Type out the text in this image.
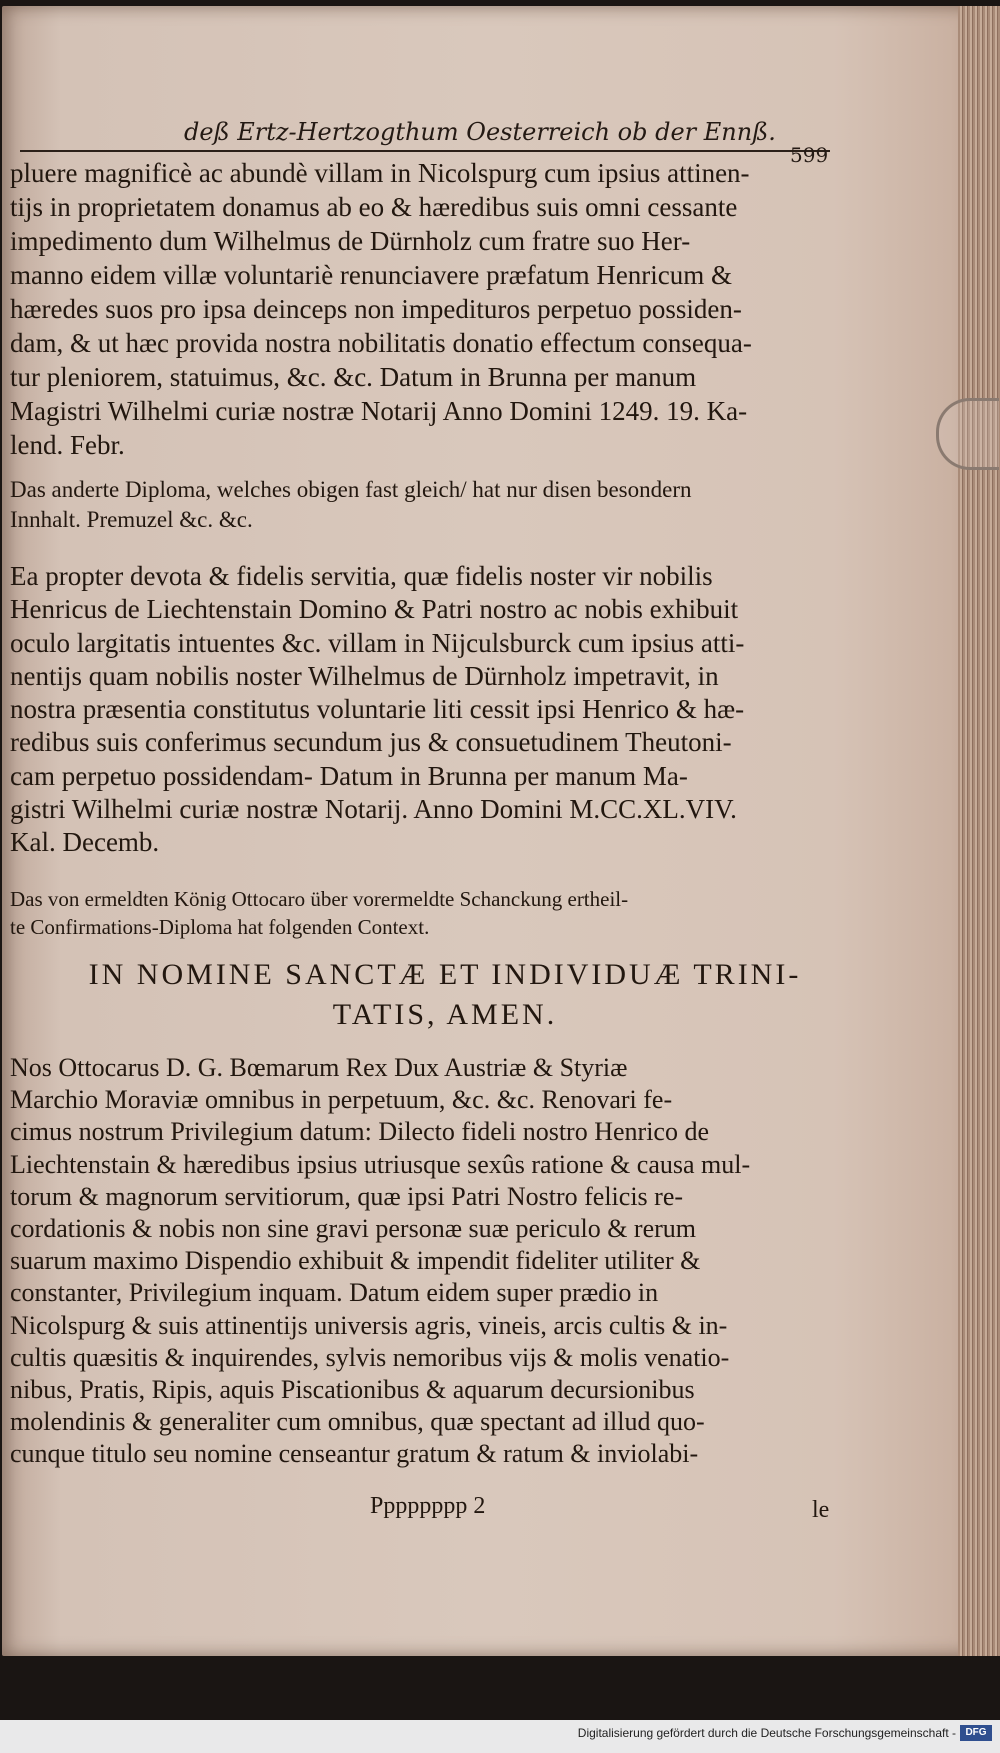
deß Ertz-Hertzogthum Oesterreich ob der Ennß.
599
pluere magnificè ac abundè villam in Nicolspurg cum ipsius attinen-
tijs in proprietatem donamus ab eo & hæredibus suis omni cessante
impedimento dum Wilhelmus de Dürnholz cum fratre suo Her-
manno eidem villæ voluntariè renunciavere præfatum Henricum &
hæredes suos pro ipsa deinceps non impedituros perpetuo possiden-
dam, & ut hæc provida nostra nobilitatis donatio effectum consequa-
tur pleniorem, statuimus, &c. &c. Datum in Brunna per manum
Magistri Wilhelmi curiæ nostræ Notarij Anno Domini 1249. 19. Ka-
lend. Febr.
Das anderte Diploma, welches obigen fast gleich/ hat nur disen besondern
Innhalt. Premuzel &c. &c.
Ea propter devota & fidelis servitia, quæ fidelis noster vir nobilis
Henricus de Liechtenstain Domino & Patri nostro ac nobis exhibuit
oculo largitatis intuentes &c. villam in Nijculsburck cum ipsius atti-
nentijs quam nobilis noster Wilhelmus de Dürnholz impetravit, in
nostra præsentia constitutus voluntarie liti cessit ipsi Henrico & hæ-
redibus suis conferimus secundum jus & consuetudinem Theutoni-
cam perpetuo possidendam- Datum in Brunna per manum Ma-
gistri Wilhelmi curiæ nostræ Notarij. Anno Domini M.CC.XL.VIV.
Kal. Decemb.
Das von ermeldten König Ottocaro über vorermeldte Schanckung ertheil-
te Confirmations-Diploma hat folgenden Context.
IN NOMINE SANCTÆ ET INDIVIDUÆ TRINI-
TATIS, AMEN.
Nos Ottocarus D. G. Bœmarum Rex Dux Austriæ & Styriæ
Marchio Moraviæ omnibus in perpetuum, &c. &c. Renovari fe-
cimus nostrum Privilegium datum: Dilecto fideli nostro Henrico de
Liechtenstain & hæredibus ipsius utriusque sexûs ratione & causa mul-
torum & magnorum servitiorum, quæ ipsi Patri Nostro felicis re-
cordationis & nobis non sine gravi personæ suæ periculo & rerum
suarum maximo Dispendio exhibuit & impendit fideliter utiliter &
constanter, Privilegium inquam. Datum eidem super prædio in
Nicolspurg & suis attinentijs universis agris, vineis, arcis cultis & in-
cultis quæsitis & inquirendes, sylvis nemoribus vijs & molis venatio-
nibus, Pratis, Ripis, aquis Piscationibus & aquarum decursionibus
molendinis & generaliter cum omnibus, quæ spectant ad illud quo-
cunque titulo seu nomine censeantur gratum & ratum & inviolabi-
Pppppppp 2	le
Digitalisierung gefördert durch die Deutsche Forschungsgemeinschaft - DFG
